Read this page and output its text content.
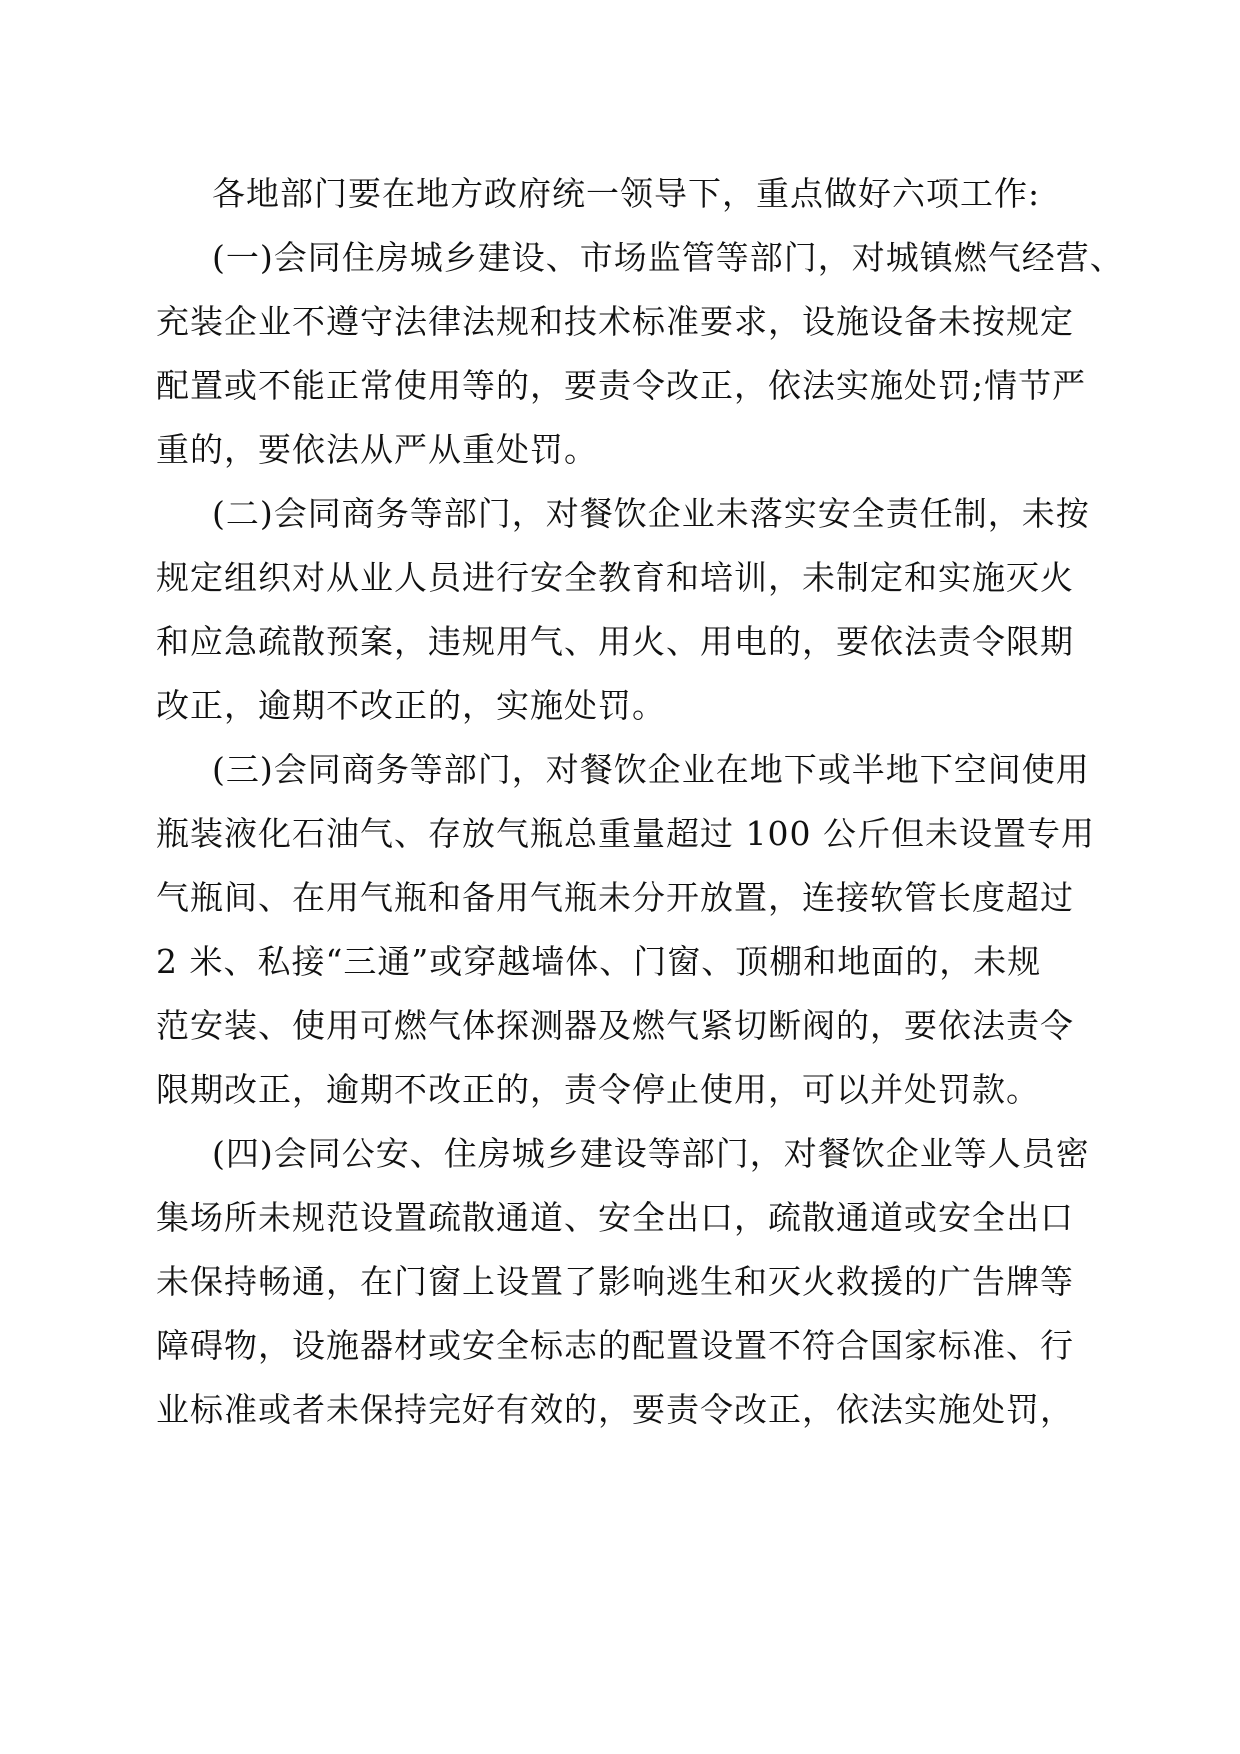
各地部门要在地方政府统一领导下，重点做好六项工作:
(一)会同住房城乡建设、市场监管等部门，对城镇燃气经营、
充装企业不遵守法律法规和技术标准要求，设施设备未按规定
配置或不能正常使用等的，要责令改正，依法实施处罚;情节严
重的，要依法从严从重处罚。
(二)会同商务等部门，对餐饮企业未落实安全责任制，未按
规定组织对从业人员进行安全教育和培训，未制定和实施灭火
和应急疏散预案，违规用气、用火、用电的，要依法责令限期
改正，逾期不改正的，实施处罚。
(三)会同商务等部门，对餐饮企业在地下或半地下空间使用
瓶装液化石油气、存放气瓶总重量超过 100 公斤但未设置专用
气瓶间、在用气瓶和备用气瓶未分开放置，连接软管长度超过
2 米、私接“三通”或穿越墙体、门窗、顶棚和地面的，未规
范安装、使用可燃气体探测器及燃气紧切断阀的，要依法责令
限期改正，逾期不改正的，责令停止使用，可以并处罚款。
(四)会同公安、住房城乡建设等部门，对餐饮企业等人员密
集场所未规范设置疏散通道、安全出口，疏散通道或安全出口
未保持畅通，在门窗上设置了影响逃生和灭火救援的广告牌等
障碍物，设施器材或安全标志的配置设置不符合国家标准、行
业标准或者未保持完好有效的，要责令改正，依法实施处罚，
